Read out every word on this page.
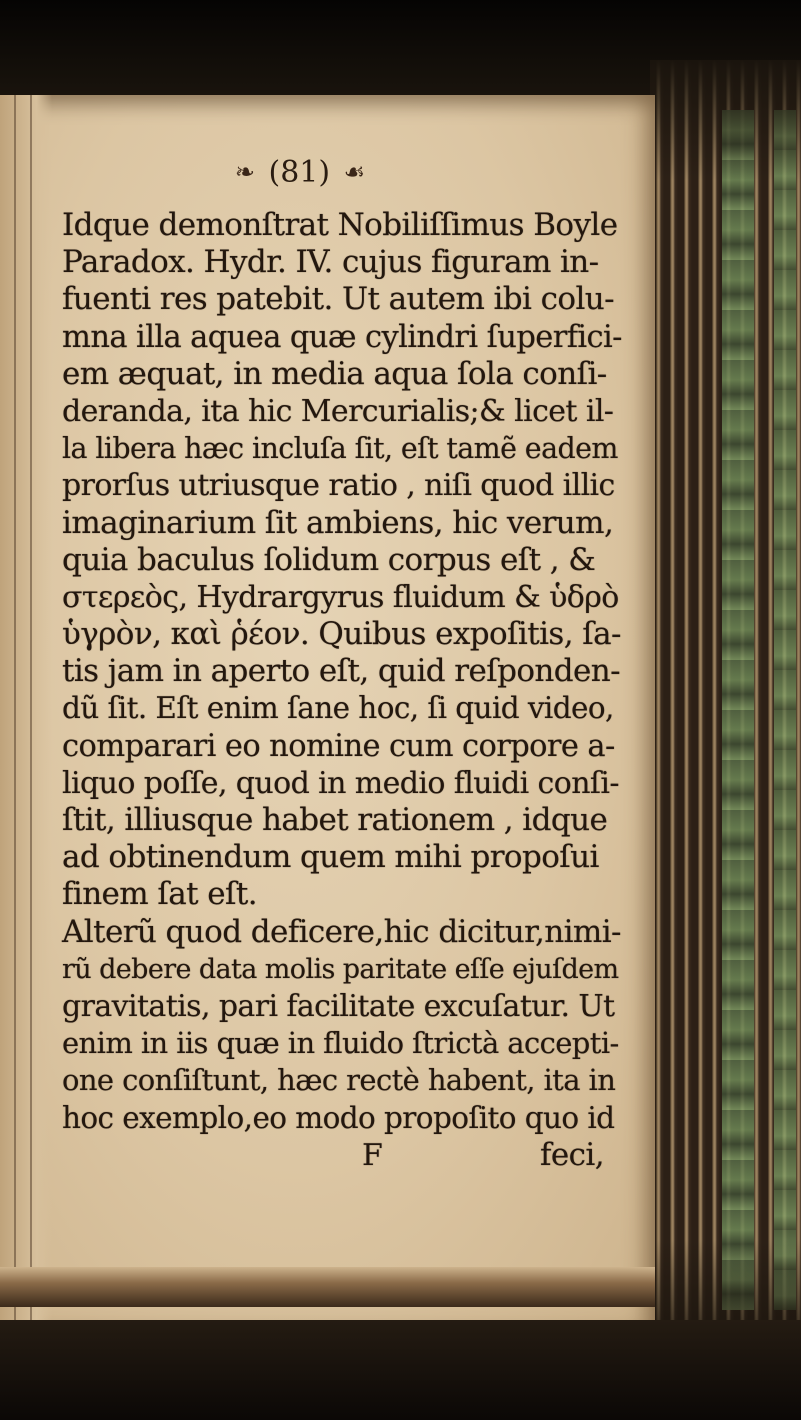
❧ (81) ☙
Idque demonſtrat Nobiliſſimus Boyle
Paradox. Hydr. IV. cujus figuram in-
fuenti res patebit. Ut autem ibi colu-
mna illa aquea quæ cylindri ſuperfici-
em æquat, in media aqua ſola conſi-
deranda, ita hic Mercurialis;& licet il-
la libera hæc incluſa ſit, eſt tamẽ eadem
prorſus utriusque ratio , niſi quod illic
imaginarium ſit ambiens, hic verum,
quia baculus ſolidum corpus eſt , &
στερεὸς, Hydrargyrus fluidum & ὑδρὸ
ὑγρὸν, καὶ ῥέον. Quibus expoſitis, ſa-
tis jam in aperto eſt, quid reſponden-
dũ ſit. Eſt enim ſane hoc, ſi quid video,
comparari eo nomine cum corpore a-
liquo poſſe, quod in medio fluidi conſi-
ſtit, illiusque habet rationem , idque
ad obtinendum quem mihi propoſui
finem ſat eſt.
Alterũ quod deficere,hic dicitur,nimi-
rũ debere data molis paritate eſſe ejuſdem
gravitatis, pari facilitate excuſatur. Ut
enim in iis quæ in fluido ſtrictà accepti-
one conſiſtunt, hæc rectè habent, ita in
hoc exemplo,eo modo propoſito quo id
F	feci,
